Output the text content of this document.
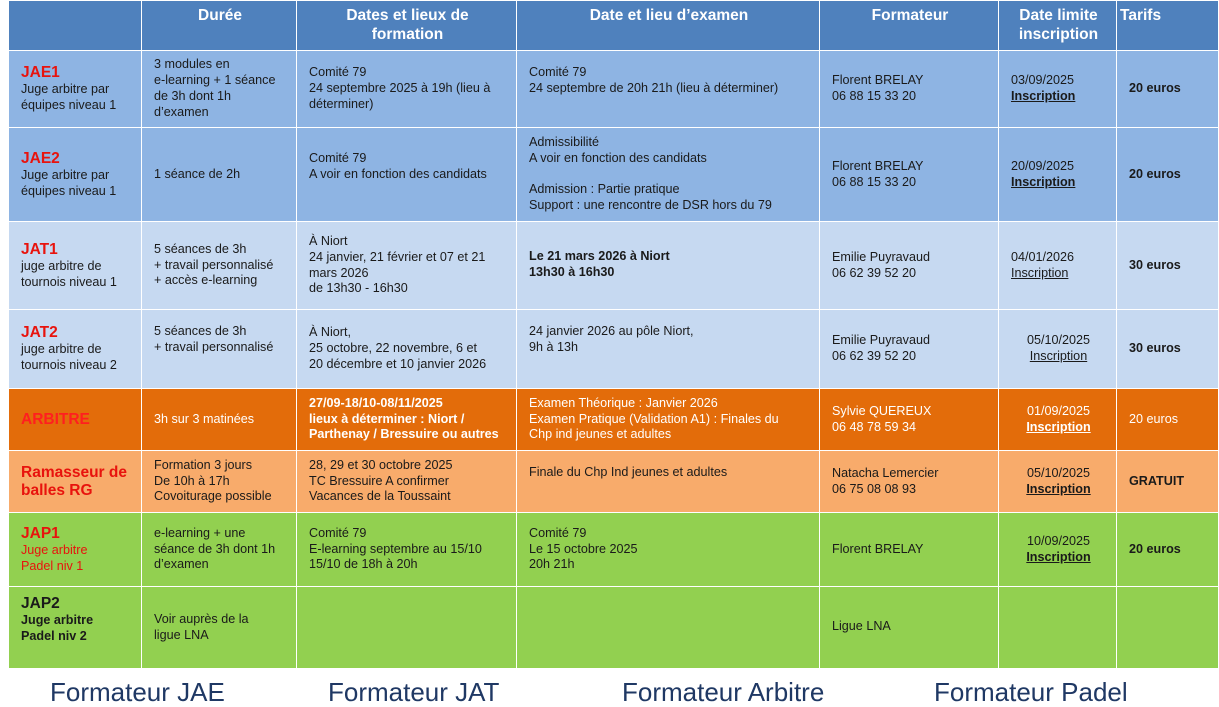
	Durée	Dates et lieux de formation	Date et lieu d’examen	Formateur	Date limite inscription	Tarifs

JAE1
Juge arbitre par
équipes niveau 1	3 modules en
e-learning + 1 séance
de 3h dont 1h
d’examen	Comité 79
24 septembre 2025 à 19h (lieu à
déterminer)	Comité 79
24 septembre de 20h 21h (lieu à déterminer)	Florent BRELAY
06 88 15 33 20	03/09/2025
Inscription	20 euros

JAE2
Juge arbitre par
équipes niveau 1	1 séance de 2h	Comité 79
A voir en fonction des candidats	Admissibilité
A voir en fonction des candidats
Admission : Partie pratique
Support : une rencontre de DSR hors du 79	Florent BRELAY
06 88 15 33 20	20/09/2025
Inscription	20 euros

JAT1
juge arbitre de
tournois niveau 1	5 séances de 3h
+ travail personnalisé
+ accès e-learning	À Niort
24 janvier, 21 février et 07 et 21
mars 2026
de 13h30 - 16h30	Le 21 mars 2026 à Niort
13h30 à 16h30	Emilie Puyravaud
06 62 39 52 20	04/01/2026
Inscription	30 euros

JAT2
juge arbitre de
tournois niveau 2	5 séances de 3h
+ travail personnalisé	À Niort,
25 octobre, 22 novembre, 6 et
20 décembre et 10 janvier 2026	24 janvier 2026 au pôle Niort,
9h à 13h	Emilie Puyravaud
06 62 39 52 20	05/10/2025
Inscription	30 euros

ARBITRE	3h sur 3 matinées	27/09-18/10-08/11/2025
lieux à déterminer : Niort /
Parthenay / Bressuire ou autres	Examen Théorique : Janvier 2026
Examen Pratique (Validation A1) : Finales du
Chp ind jeunes et adultes	Sylvie QUEREUX
06 48 78 59 34	01/09/2025
Inscription	20 euros

Ramasseur de balles RG	Formation 3 jours
De 10h à 17h
Covoiturage possible	28, 29 et 30 octobre 2025
TC Bressuire A confirmer
Vacances de la Toussaint	Finale du Chp Ind jeunes et adultes	Natacha Lemercier
06 75 08 08 93	05/10/2025
Inscription	GRATUIT

JAP1
Juge arbitre
Padel niv 1	e-learning + une
séance de 3h dont 1h
d’examen	Comité 79
E-learning septembre au 15/10
15/10 de 18h à 20h	Comité 79
Le 15 octobre 2025
20h 21h	Florent BRELAY	10/09/2025
Inscription	20 euros

JAP2
Juge arbitre
Padel niv 2	Voir auprès de la
ligue LNA			Ligue LNA		

Formateur JAE	Formateur JAT	Formateur Arbitre	Formateur Padel
